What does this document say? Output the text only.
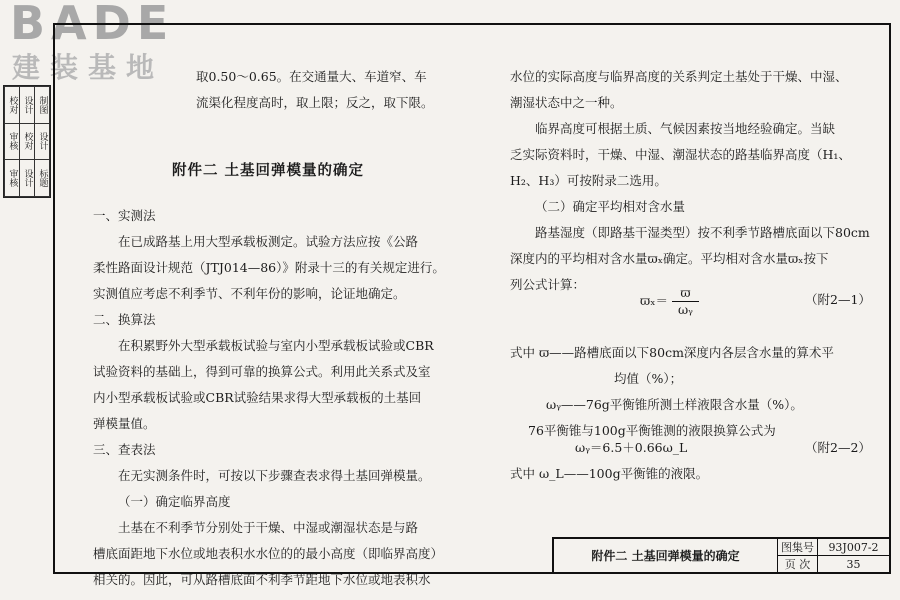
BADE
建装基地
校对	设计	制图
审核	校对	设计
审核	设计	标题

取0.50～0.65。在交通量大、车道窄、车

流渠化程度高时，取上限；反之，取下限。

附件二 土基回弹模量的确定

一、实测法

在已成路基上用大型承载板测定。试验方法应按《公路

柔性路面设计规范（JTJ014—86）》附录十三的有关规定进行。

实测值应考虑不利季节、不利年份的影响，论证地确定。

二、换算法

在积累野外大型承载板试验与室内小型承载板试验或CBR

试验资料的基础上，得到可靠的换算公式。利用此关系式及室

内小型承载板试验或CBR试验结果求得大型承载板的土基回

弹模量值。

三、查表法

在无实测条件时，可按以下步骤查表求得土基回弹模量。

（一）确定临界高度

土基在不利季节分别处于干燥、中湿或潮湿状态是与路

槽底面距地下水位或地表积水水位的的最小高度（即临界高度）

相关的。因此，可从路槽底面不利季节距地下水位或地表积水

水位的实际高度与临界高度的关系判定土基处于干燥、中湿、

潮湿状态中之一种。

临界高度可根据土质、气候因素按当地经验确定。当缺

乏实际资料时，干燥、中湿、潮湿状态的路基临界高度（H₁、

H₂、H₃）可按附录二选用。

（二）确定平均相对含水量

路基湿度（即路基干湿类型）按不利季节路槽底面以下80cm

深度内的平均相对含水量ϖₓ确定。平均相对含水量ϖₓ按下

列公式计算：

$ϖ_x= \frac{ϖ}{\text{ωᵧ}}$	（附2—1）

式中 ϖ——路槽底面以下80cm深度内各层含水量的算术平

均值（%）；

ωᵧ——76g平衡锥所测土样液限含水量（%）。

76平衡锥与100g平衡锥测的液限换算公式为

ωᵧ＝6.5＋0.66ω_L	（附2—2）
式中 ω_L——100g平衡锥的液限。
附件二 土基回弹模量的确定
图集号	93J007-2
页 次	35
